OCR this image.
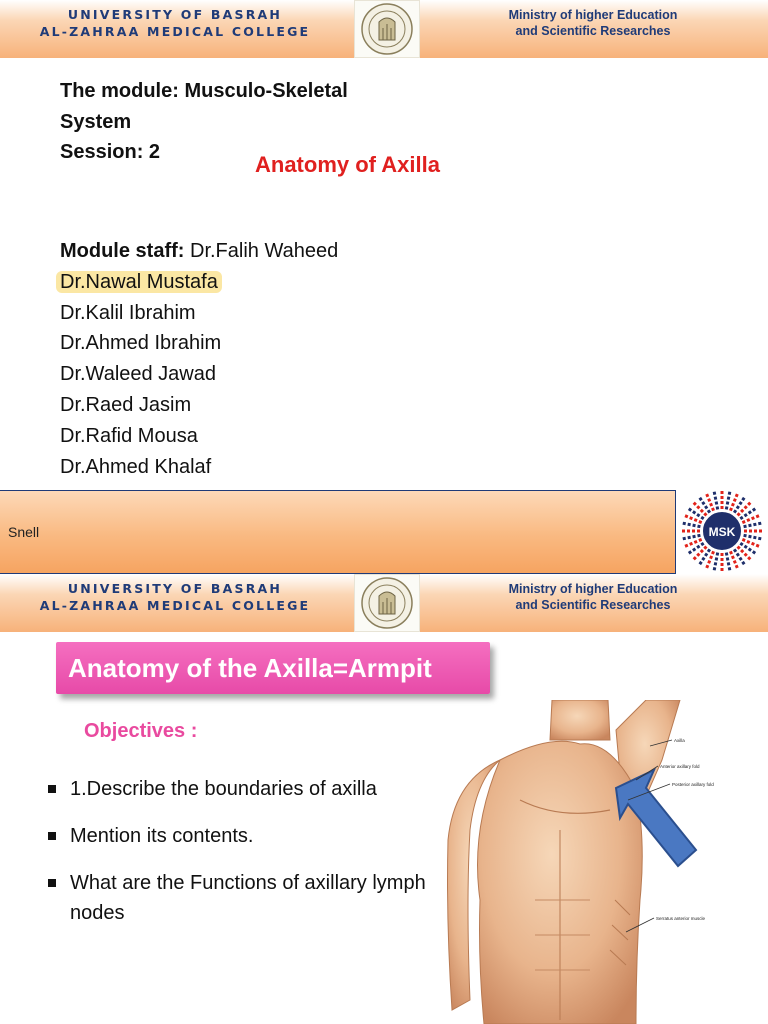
UNIVERSITY OF BASRAH
AL-ZAHRAA MEDICAL COLLEGE
Ministry of higher Education
and Scientific Researches
The module: Musculo-Skeletal
System
Session: 2	Anatomy of Axilla
Module staff: Dr.Falih Waheed
Dr.Nawal Mustafa
Dr.Kalil Ibrahim
Dr.Ahmed Ibrahim
Dr.Waleed Jawad
Dr.Raed Jasim
Dr.Rafid Mousa
Dr.Ahmed Khalaf
Snell	MSK
UNIVERSITY OF BASRAH
AL-ZAHRAA MEDICAL COLLEGE
Ministry of higher Education
and Scientific Researches
Anatomy of the Axilla=Armpit
Objectives :
1.Describe the boundaries of axilla
Mention its contents.
What are the Functions of axillary lymph nodes
Axilla
Anterior axillary fold
Posterior axillary fold
Serratus anterior muscle
